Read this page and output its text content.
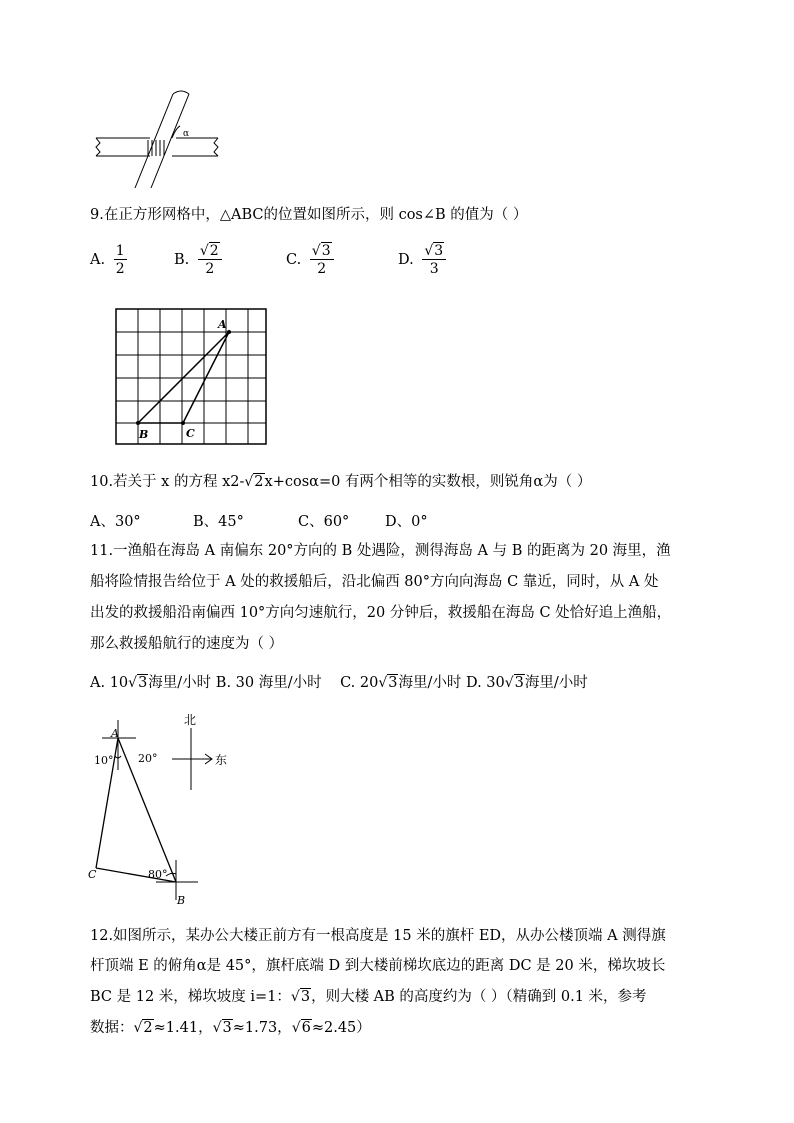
α
9.在正方形网格中，△ABC的位置如图所示，则 cos∠B 的值为（ ）
A. $\frac{1}{2}$	B. $\frac{√2}{2}$	C. $\frac{√3}{2}$	D. $\frac{√3}{3}$
A
B	C
10.若关于 x 的方程 x2-√2x+cosα=0 有两个相等的实数根，则锐角α为（ ）
A、30°	B、45°	C、60° D、0°
11.一渔船在海岛 A 南偏东 20°方向的 B 处遇险，测得海岛 A 与 B 的距离为 20 海里，渔
船将险情报告给位于 A 处的救援船后，沿北偏西 80°方向向海岛 C 靠近，同时，从 A 处
出发的救援船沿南偏西 10°方向匀速航行，20 分钟后，救援船在海岛 C 处恰好追上渔船，
那么救援船航行的速度为（ ）
A. 10√3海里/小时 B. 30 海里/小时 C. 20√3海里/小时 D. 30√3海里/小时
北
东
A
10° 20°
C	80°
B
12.如图所示，某办公大楼正前方有一根高度是 15 米的旗杆 ED，从办公楼顶端 A 测得旗
杆顶端 E 的俯角α是 45°，旗杆底端 D 到大楼前梯坎底边的距离 DC 是 20 米，梯坎坡长
BC 是 12 米，梯坎坡度 i=1：√3，则大楼 AB 的高度约为（ ）（精确到 0.1 米，参考
数据：√2≈1.41，√3≈1.73，√6≈2.45）
